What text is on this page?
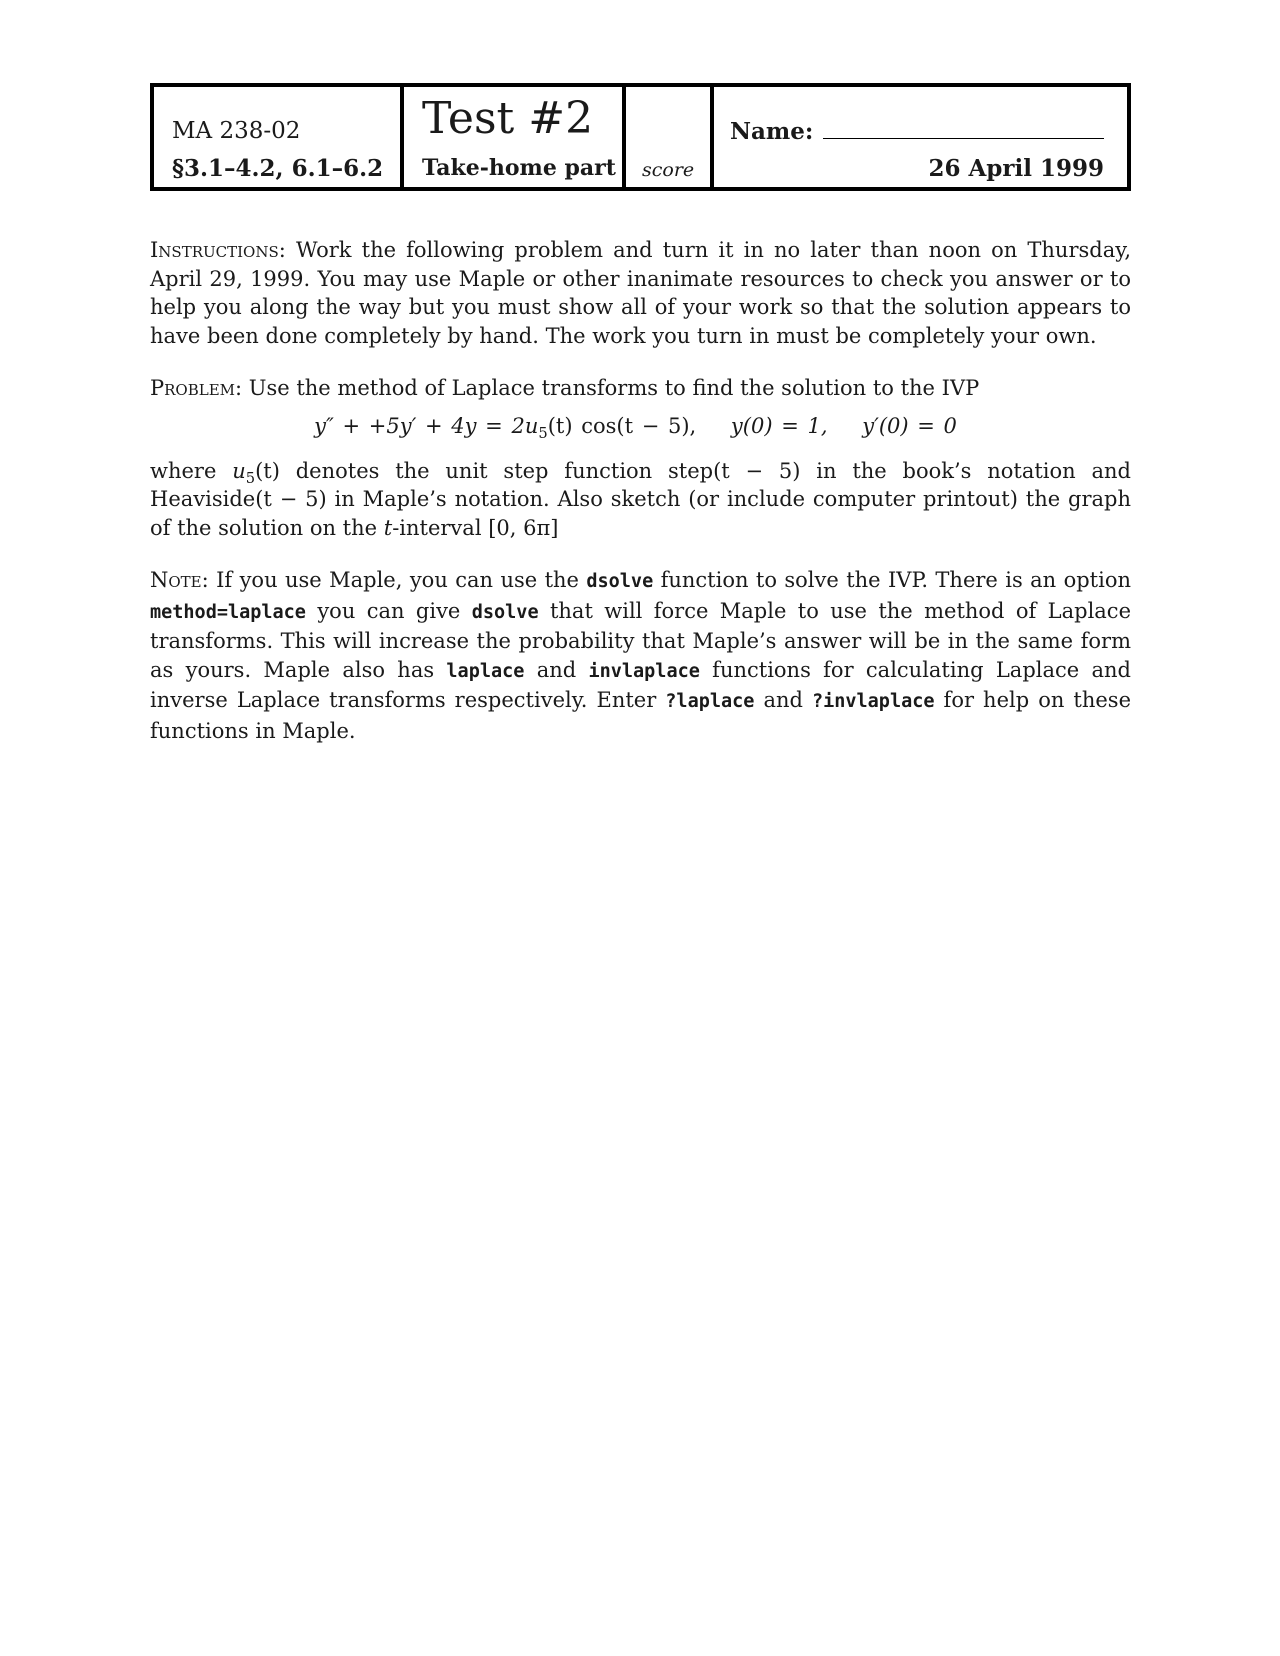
MA 238-02
§3.1–4.2, 6.1–6.2
Test #2
Take-home part score
Name:
26 April 1999

Instructions: Work the following problem and turn it in no later than noon on Thursday, April 29, 1999. You may use Maple or other inanimate resources to check you answer or to help you along the way but you must show all of your work so that the solution appears to have been done completely by hand. The work you turn in must be completely your own.

Problem: Use the method of Laplace transforms to find the solution to the IVP

$y'' + +5y' + 4y = 2u_5(t) \cos(t - 5)$, y(0) = 1, y′(0) = 0

where $u_5(t)$ denotes the unit step function step(t − 5) in the book’s notation and Heaviside(t − 5) in Maple’s notation. Also sketch (or include computer printout) the graph of the solution on the t-interval [0, 6π]

Note: If you use Maple, you can use the dsolve function to solve the IVP. There is an option method=laplace you can give dsolve that will force Maple to use the method of Laplace transforms. This will increase the probability that Maple’s answer will be in the same form as yours. Maple also has laplace and invlaplace functions for calculating Laplace and inverse Laplace transforms respectively. Enter ?laplace and ?invlaplace for help on these functions in Maple.
